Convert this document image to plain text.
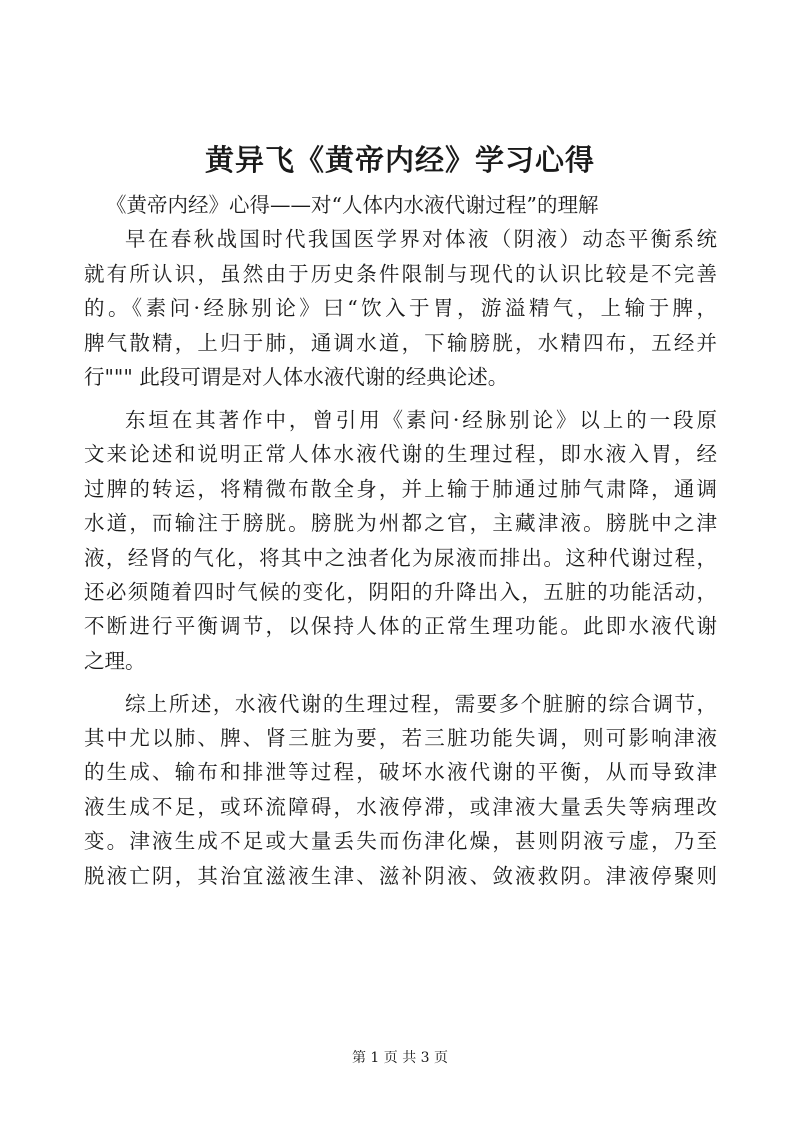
黄异飞《黄帝内经》学习心得
《黄帝内经》心得——对“人体内水液代谢过程”的理解
早在春秋战国时代我国医学界对体液（阴液）动态平衡系统
就有所认识，虽然由于历史条件限制与现代的认识比较是不完善
的。《素问·经脉别论》曰“饮入于胃，游溢精气，上输于脾，
脾气散精，上归于肺，通调水道，下输膀胱，水精四布，五经并
行""" 此段可谓是对人体水液代谢的经典论述。
东垣在其著作中，曾引用《素问·经脉别论》以上的一段原
文来论述和说明正常人体水液代谢的生理过程，即水液入胃，经
过脾的转运，将精微布散全身，并上输于肺通过肺气肃降，通调
水道，而输注于膀胱。膀胱为州都之官，主藏津液。膀胱中之津
液，经肾的气化，将其中之浊者化为尿液而排出。这种代谢过程，
还必须随着四时气候的变化，阴阳的升降出入，五脏的功能活动，
不断进行平衡调节，以保持人体的正常生理功能。此即水液代谢
之理。
综上所述，水液代谢的生理过程，需要多个脏腑的综合调节，
其中尤以肺、脾、肾三脏为要，若三脏功能失调，则可影响津液
的生成、输布和排泄等过程，破坏水液代谢的平衡，从而导致津
液生成不足，或环流障碍，水液停滞，或津液大量丢失等病理改
变。津液生成不足或大量丢失而伤津化燥，甚则阴液亏虚，乃至
脱液亡阴，其治宜滋液生津、滋补阴液、敛液救阴。津液停聚则
第 1 页 共 3 页
